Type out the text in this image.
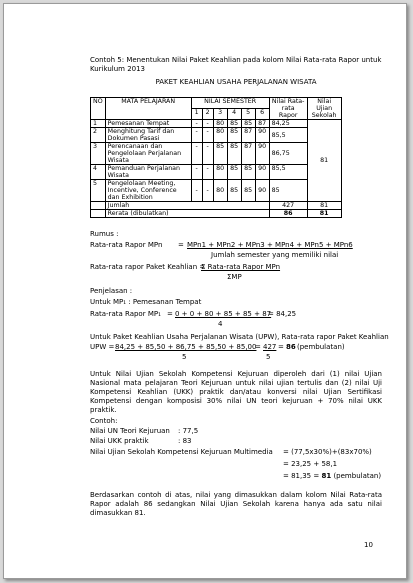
Contoh 5: Menentukan Nilai Paket Keahlian pada kolom Nilai Rata-rata Rapor untuk Kurikulum 2013
PAKET KEAHLIAN USAHA PERJALANAN WISATA
NO	MATA PELAJARAN	NILAI SEMESTER						Nilai Rata-rata Rapor	Nilai Ujian Sekolah
		1	2	3	4	5	6		
1	Pemesanan Tempat	-	-	80	85	85	87	84,25	81
2	Menghitung Tarif dan Dokumen Pasasi	-	-	80	85	87	90	85,5	
3	Perencanaan dan Pengelolaan Perjalanan Wisata	-	-	85	85	87	90	86,75	
4	Pemanduan Perjalanan Wisata	-	-	80	85	85	90	85,5	
5	Pengelolaan Meeting, Incentive, Conference dan Exhibition	-	-	80	85	85	90	85	
	Jumlah							427	81
	Rerata (dibulatkan)							86	81
Rumus :
Rata-rata Rapor MPn = MPn1 + MPn2 + MPn3 + MPn4 + MPn5 + MPn6
Jumlah semester yang memiliki nilai
Rata-rata rapor Paket Keahlian =
Σ Rata-rata Rapor MPn
ΣMP
Penjelasan :
Untuk MP₁ : Pemesanan Tempat
Rata-rata Rapor MP₁ = 0 + 0 + 80 + 85 + 85 + 87
= 84,25
4
Untuk Paket Keahlian Usaha Perjalanan Wisata (UPW), Rata-rata rapor Paket Keahlian
UPW = 84,25 + 85,50 + 86,75 + 85,50 + 85,00
= 427 = 86 (pembulatan)
5	5
Untuk Nilai Ujian Sekolah Kompetensi Kejuruan diperoleh dari (1) nilai Ujian Nasional mata pelajaran Teori Kejuruan untuk nilai ujian tertulis dan (2) nilai Uji Kompetensi Keahlian (UKK) praktik dan/atau konversi nilai Ujian Sertifikasi Kompetensi dengan komposisi 30% nilai UN teori kejuruan + 70% nilai UKK praktik.
Contoh:
Nilai UN Teori Kejuruan : 77,5
Nilai UKK praktik	: 83
Nilai Ujian Sekolah Kompetensi Kejuruan Multimedia = (77,5x30%)+(83x70%)
= 23,25 + 58,1
= 81,35 = 81 (pembulatan)
Berdasarkan contoh di atas, nilai yang dimasukkan dalam kolom Nilai Rata-rata Rapor adalah 86 sedangkan Nilai Ujian Sekolah karena hanya ada satu nilai dimasukkan 81.
10
